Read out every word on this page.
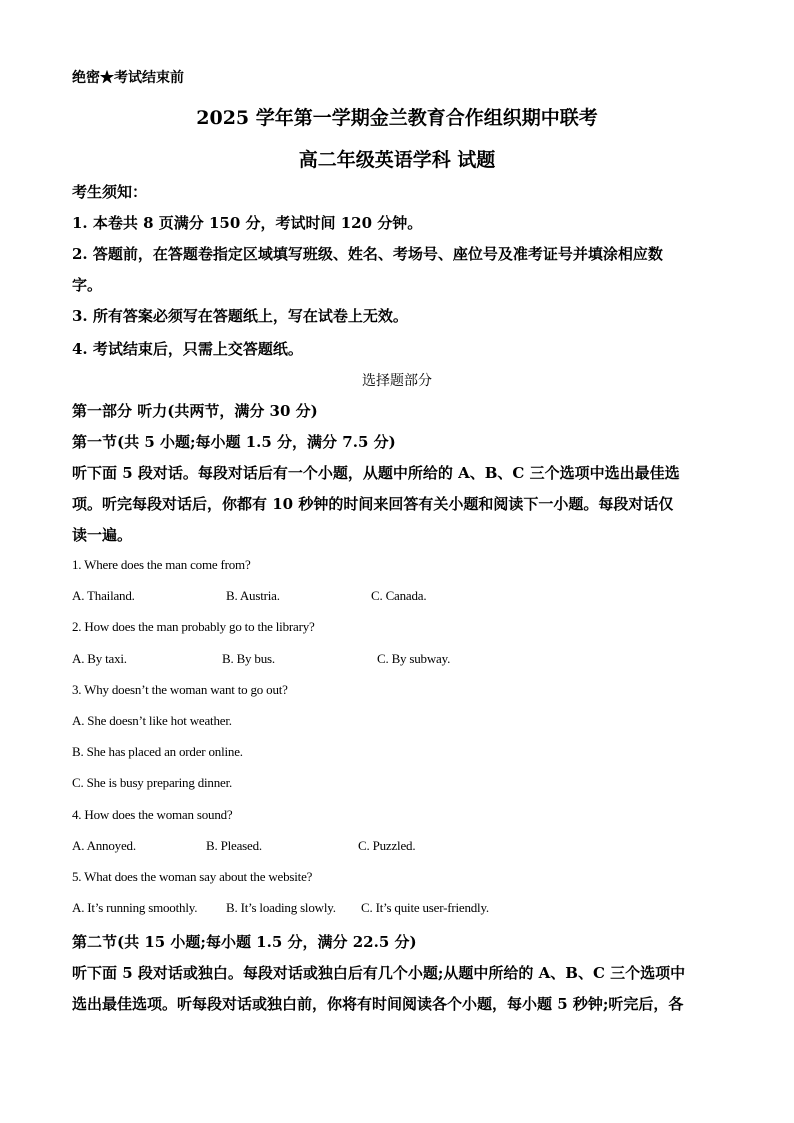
绝密★考试结束前
2025 学年第一学期金兰教育合作组织期中联考
高二年级英语学科 试题
考生须知：
1. 本卷共 8 页满分 150 分，考试时间 120 分钟。
2. 答题前，在答题卷指定区域填写班级、姓名、考场号、座位号及准考证号并填涂相应数
字。
3. 所有答案必须写在答题纸上，写在试卷上无效。
4. 考试结束后，只需上交答题纸。
选择题部分
第一部分 听力(共两节，满分 30 分)
第一节(共 5 小题;每小题 1.5 分，满分 7.5 分)
听下面 5 段对话。每段对话后有一个小题，从题中所给的 A、B、C 三个选项中选出最佳选
项。听完每段对话后，你都有 10 秒钟的时间来回答有关小题和阅读下一小题。每段对话仅
读一遍。
1. Where does the man come from?
A. Thailand.	B. Austria.	C. Canada.
2. How does the man probably go to the library?
A. By taxi.	B. By bus.	C. By subway.
3. Why doesn’t the woman want to go out?
A. She doesn’t like hot weather.
B. She has placed an order online.
C. She is busy preparing dinner.
4. How does the woman sound?
A. Annoyed.	B. Pleased.	C. Puzzled.
5. What does the woman say about the website?
A. It’s running smoothly. B. It’s loading slowly. C. It’s quite user-friendly.
第二节(共 15 小题;每小题 1.5 分，满分 22.5 分)
听下面 5 段对话或独白。每段对话或独白后有几个小题;从题中所给的 A、B、C 三个选项中
选出最佳选项。听每段对话或独白前，你将有时间阅读各个小题，每小题 5 秒钟;听完后，各
